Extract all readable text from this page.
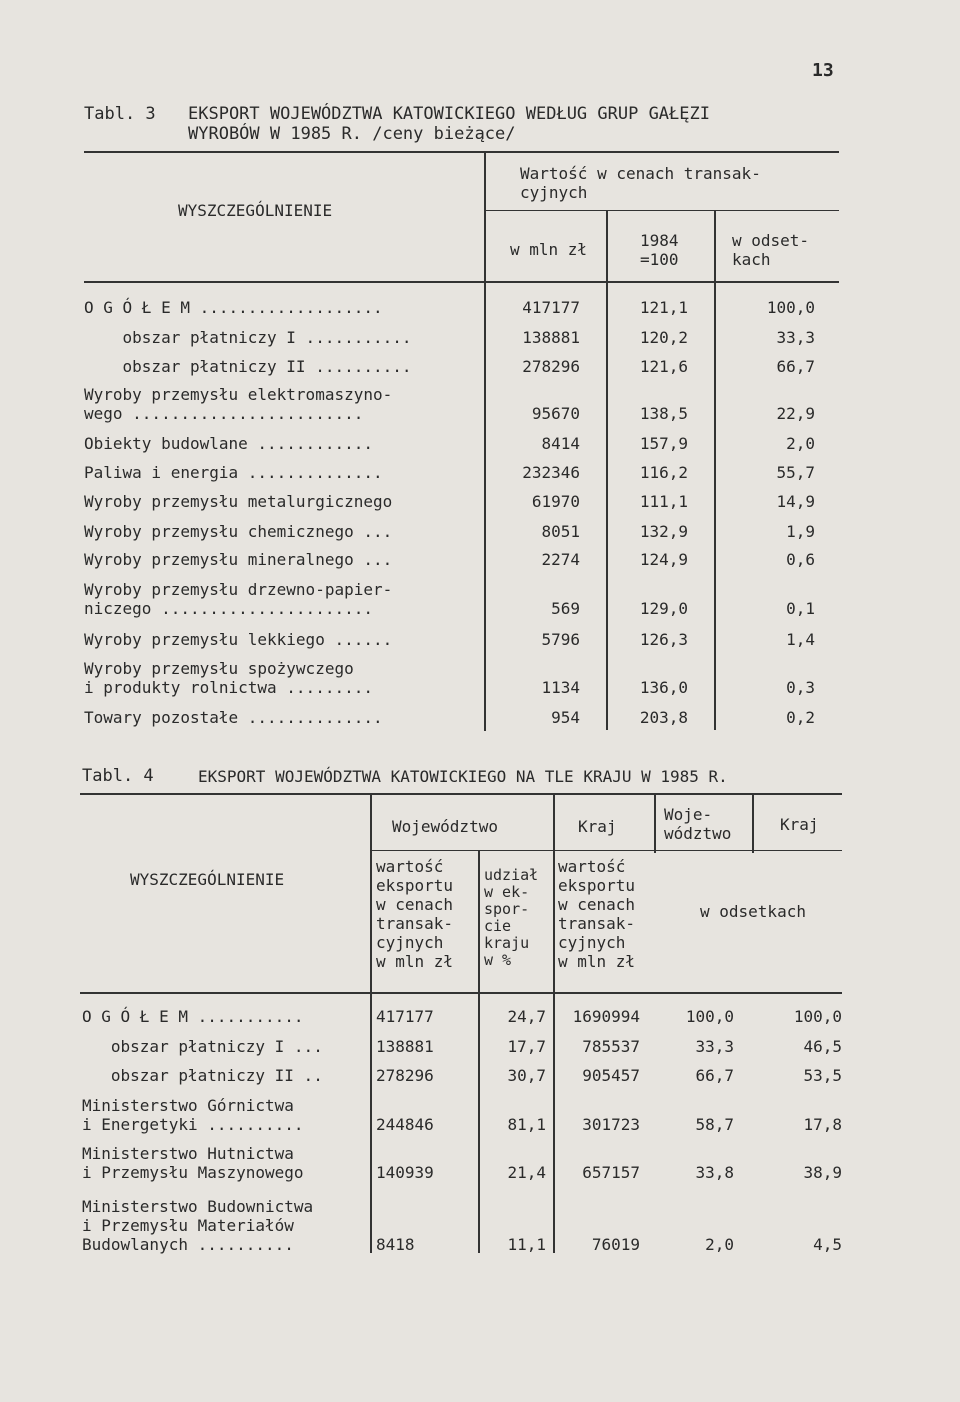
13
Tabl. 3 EKSPORT WOJEWÓDZTWA KATOWICKIEGO WEDŁUG GRUP GAŁĘZI
WYROBÓW W 1985 R. /ceny bieżące/
WYSZCZEGÓLNIENIE
Wartość w cenach transak-
cyjnych
w mln zł	1984
=100
w odset-
kach
O G Ó Ł E M ...................	417177	121,1	100,0
obszar płatniczy I ...........	138881	120,2	33,3
obszar płatniczy II ..........	278296	121,6	66,7
Wyroby przemysłu elektromaszyno-
wego ........................	95670	138,5	22,9
Obiekty budowlane ............	8414	157,9	2,0
Paliwa i energia ..............	232346	116,2	55,7
Wyroby przemysłu metalurgicznego	61970	111,1	14,9
Wyroby przemysłu chemicznego ...	8051	132,9	1,9
Wyroby przemysłu mineralnego ...	2274	124,9	0,6
Wyroby przemysłu drzewno-papier-
niczego ......................	569	129,0	0,1
Wyroby przemysłu lekkiego ......	5796	126,3	1,4
Wyroby przemysłu spożywczego
i produkty rolnictwa .........	1134	136,0	0,3
Towary pozostałe ..............	954	203,8	0,2
Tabl. 4	EKSPORT WOJEWÓDZTWA KATOWICKIEGO NA TLE KRAJU W 1985 R.
WYSZCZEGÓLNIENIE
Województwo	Kraj
Woje-
wództwo	Kraj
w odsetkach
wartość
eksportu
w cenach
transak-
cyjnych
w mln zł
udział
w ek-
spor-
cie
kraju
w %
wartość
eksportu
w cenach
transak-
cyjnych
w mln zł
O G Ó Ł E M ...........	417177	24,7 1690994	100,0	100,0
obszar płatniczy I ...	138881	17,7 785537	33,3	46,5
obszar płatniczy II ..	278296	30,7 905457	66,7	53,5
Ministerstwo Górnictwa
i Energetyki ..........	244846	81,1 301723	58,7	17,8
Ministerstwo Hutnictwa
i Przemysłu Maszynowego	140939	21,4 657157	33,8	38,9
Ministerstwo Budownictwa
i Przemysłu Materiałów
Budowlanych ..........	8418	11,1	76019	2,0	4,5
